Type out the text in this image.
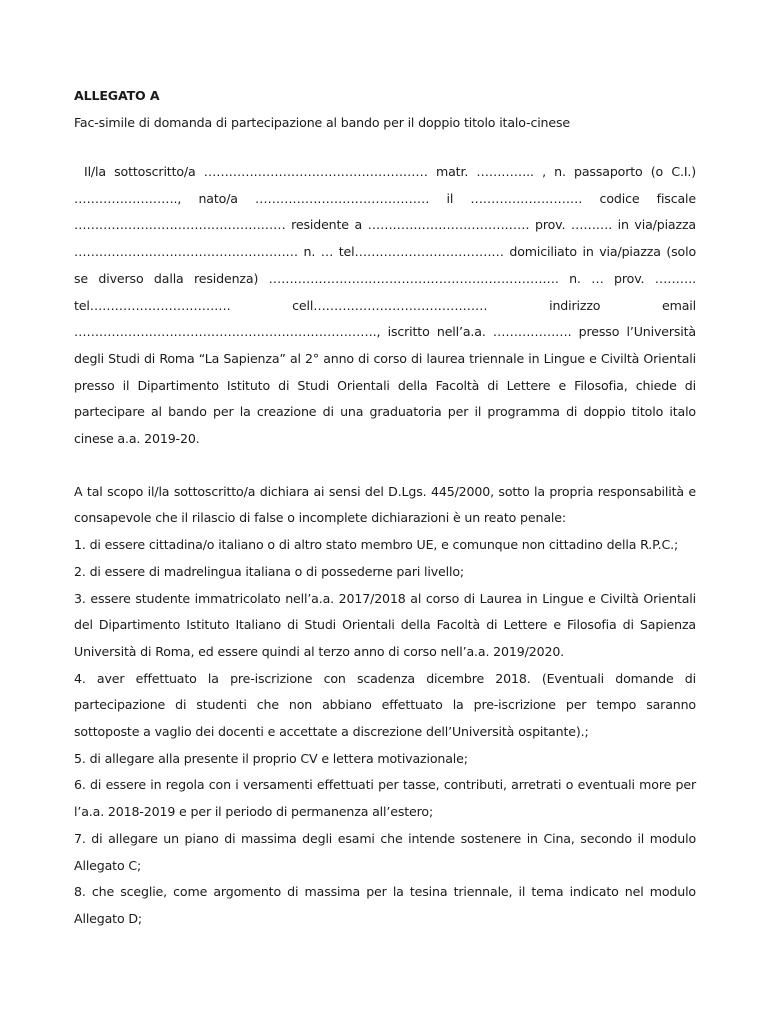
ALLEGATO A
Fac-simile di domanda di partecipazione al bando per il doppio titolo italo-cinese

Il/la sottoscritto/a ……………………………………………… matr. ………….. , n. passaporto (o C.I.) ……………………., nato/a …………………………………… il ……………………… codice fiscale …………………………………………… residente a ………………………………… prov. ………. in via/piazza ……………………………………………… n. … tel……………………………… domiciliato in via/piazza (solo se diverso dalla residenza) ……………………………………………………………. n. … prov. ………. tel……………………………. cell…………………………………… indirizzo email ………………………………………………………………., iscritto nell’a.a. ………………. presso l’Università degli Studi di Roma “La Sapienza” al 2° anno di corso di laurea triennale in Lingue e Civiltà Orientali presso il Dipartimento Istituto di Studi Orientali della Facoltà di Lettere e Filosofia, chiede di partecipare al bando per la creazione di una graduatoria per il programma di doppio titolo italo cinese a.a. 2019-20.

A tal scopo il/la sottoscritto/a dichiara ai sensi del D.Lgs. 445/2000, sotto la propria responsabilità e consapevole che il rilascio di false o incomplete dichiarazioni è un reato penale:

1. di essere cittadina/o italiano o di altro stato membro UE, e comunque non cittadino della R.P.C.;

2. di essere di madrelingua italiana o di possederne pari livello;

3. essere studente immatricolato nell’a.a. 2017/2018 al corso di Laurea in Lingue e Civiltà Orientali del Dipartimento Istituto Italiano di Studi Orientali della Facoltà di Lettere e Filosofia di Sapienza Università di Roma, ed essere quindi al terzo anno di corso nell’a.a. 2019/2020.

4. aver effettuato la pre-iscrizione con scadenza dicembre 2018. (Eventuali domande di partecipazione di studenti che non abbiano effettuato la pre-iscrizione per tempo saranno sottoposte a vaglio dei docenti e accettate a discrezione dell’Università ospitante).;

5. di allegare alla presente il proprio CV e lettera motivazionale;

6. di essere in regola con i versamenti effettuati per tasse, contributi, arretrati o eventuali more per l’a.a. 2018-2019 e per il periodo di permanenza all’estero;

7. di allegare un piano di massima degli esami che intende sostenere in Cina, secondo il modulo Allegato C;

8. che sceglie, come argomento di massima per la tesina triennale, il tema indicato nel modulo Allegato D;
